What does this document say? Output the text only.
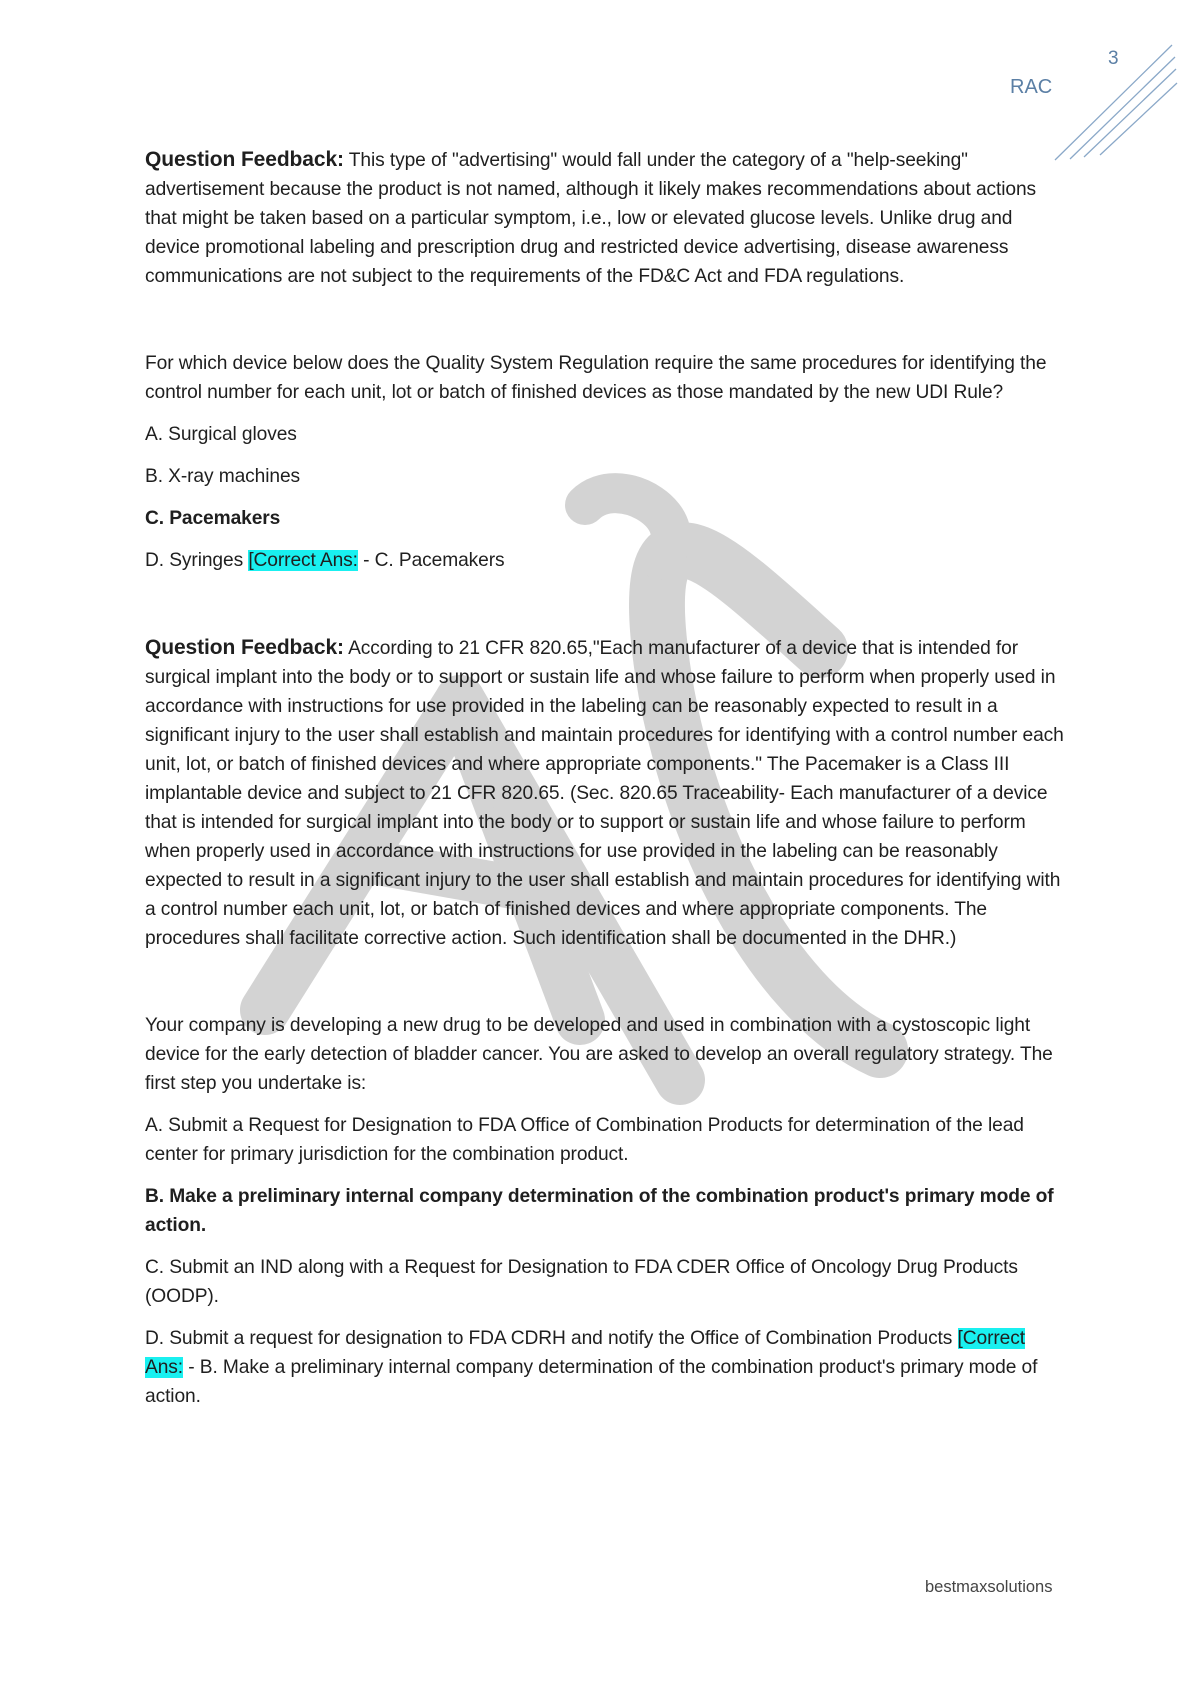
3
RAC

Question Feedback: This type of "advertising" would fall under the category of a "help-seeking" advertisement because the product is not named, although it likely makes recommendations about actions that might be taken based on a particular symptom, i.e., low or elevated glucose levels. Unlike drug and device promotional labeling and prescription drug and restricted device advertising, disease awareness communications are not subject to the requirements of the FD&C Act and FDA regulations.

For which device below does the Quality System Regulation require the same procedures for identifying the control number for each unit, lot or batch of finished devices as those mandated by the new UDI Rule?

A. Surgical gloves

B. X-ray machines

C. Pacemakers

D. Syringes [Correct Ans: - C. Pacemakers

Question Feedback: According to 21 CFR 820.65,"Each manufacturer of a device that is intended for surgical implant into the body or to support or sustain life and whose failure to perform when properly used in accordance with instructions for use provided in the labeling can be reasonably expected to result in a significant injury to the user shall establish and maintain procedures for identifying with a control number each unit, lot, or batch of finished devices and where appropriate components." The Pacemaker is a Class III implantable device and subject to 21 CFR 820.65. (Sec. 820.65 Traceability- Each manufacturer of a device that is intended for surgical implant into the body or to support or sustain life and whose failure to perform when properly used in accordance with instructions for use provided in the labeling can be reasonably expected to result in a significant injury to the user shall establish and maintain procedures for identifying with a control number each unit, lot, or batch of finished devices and where appropriate components. The procedures shall facilitate corrective action. Such identification shall be documented in the DHR.)

Your company is developing a new drug to be developed and used in combination with a cystoscopic light device for the early detection of bladder cancer. You are asked to develop an overall regulatory strategy. The first step you undertake is:

A. Submit a Request for Designation to FDA Office of Combination Products for determination of the lead center for primary jurisdiction for the combination product.

B. Make a preliminary internal company determination of the combination product's primary mode of action.

C. Submit an IND along with a Request for Designation to FDA CDER Office of Oncology Drug Products (OODP).

D. Submit a request for designation to FDA CDRH and notify the Office of Combination Products [Correct Ans: - B. Make a preliminary internal company determination of the combination product's primary mode of action.

bestmaxsolutions
